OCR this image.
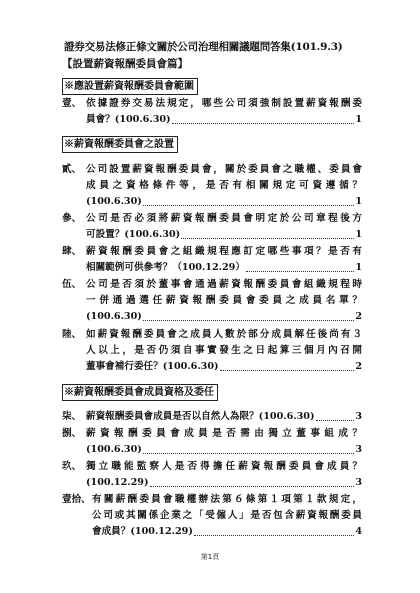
證券交易法修正條文關於公司治理相關議題問答集(101.9.3)
【設置薪資報酬委員會篇】
※應設置薪資報酬委員會範圍
壹、 依據證券交易法規定，哪些公司須強制設置薪資報酬委
員會？(100.6.30)	1
※薪資報酬委員會之設置
貳、 公司設置薪資報酬委員會，關於委員會之職權、委員會
成員之資格條件等，是否有相關規定可資遵循？
(100.6.30)	1
參、 公司是否必須將薪資報酬委員會明定於公司章程後方
可設置？(100.6.30)	1
肆、 薪資報酬委員會之組織規程應訂定哪些事項？是否有
相關範例可供參考？（100.12.29）	1
伍、 公司是否須於董事會通過薪資報酬委員會組織規程時
一併通過選任薪資報酬委員會委員之成員名單？
(100.6.30)	2
陸、 如薪資報酬委員會之成員人數於部分成員解任後尚有３
人以上，是否仍須自事實發生之日起算三個月內召開
董事會補行委任？(100.6.30)	2
※薪資報酬委員會成員資格及委任
柒、 薪資報酬委員會成員是否以自然人為限？(100.6.30)	3
捌、 薪資報酬委員會成員是否需由獨立董事組成？
(100.6.30)	3
玖、 獨立職能監察人是否得擔任薪資報酬委員會成員？
(100.12.29)	3
壹拾、 有關薪酬委員會職權辦法第６條第１項第１款規定，
公司或其關係企業之「受僱人」是否包含薪資報酬委員
會成員？(100.12.29)	4
第1頁
